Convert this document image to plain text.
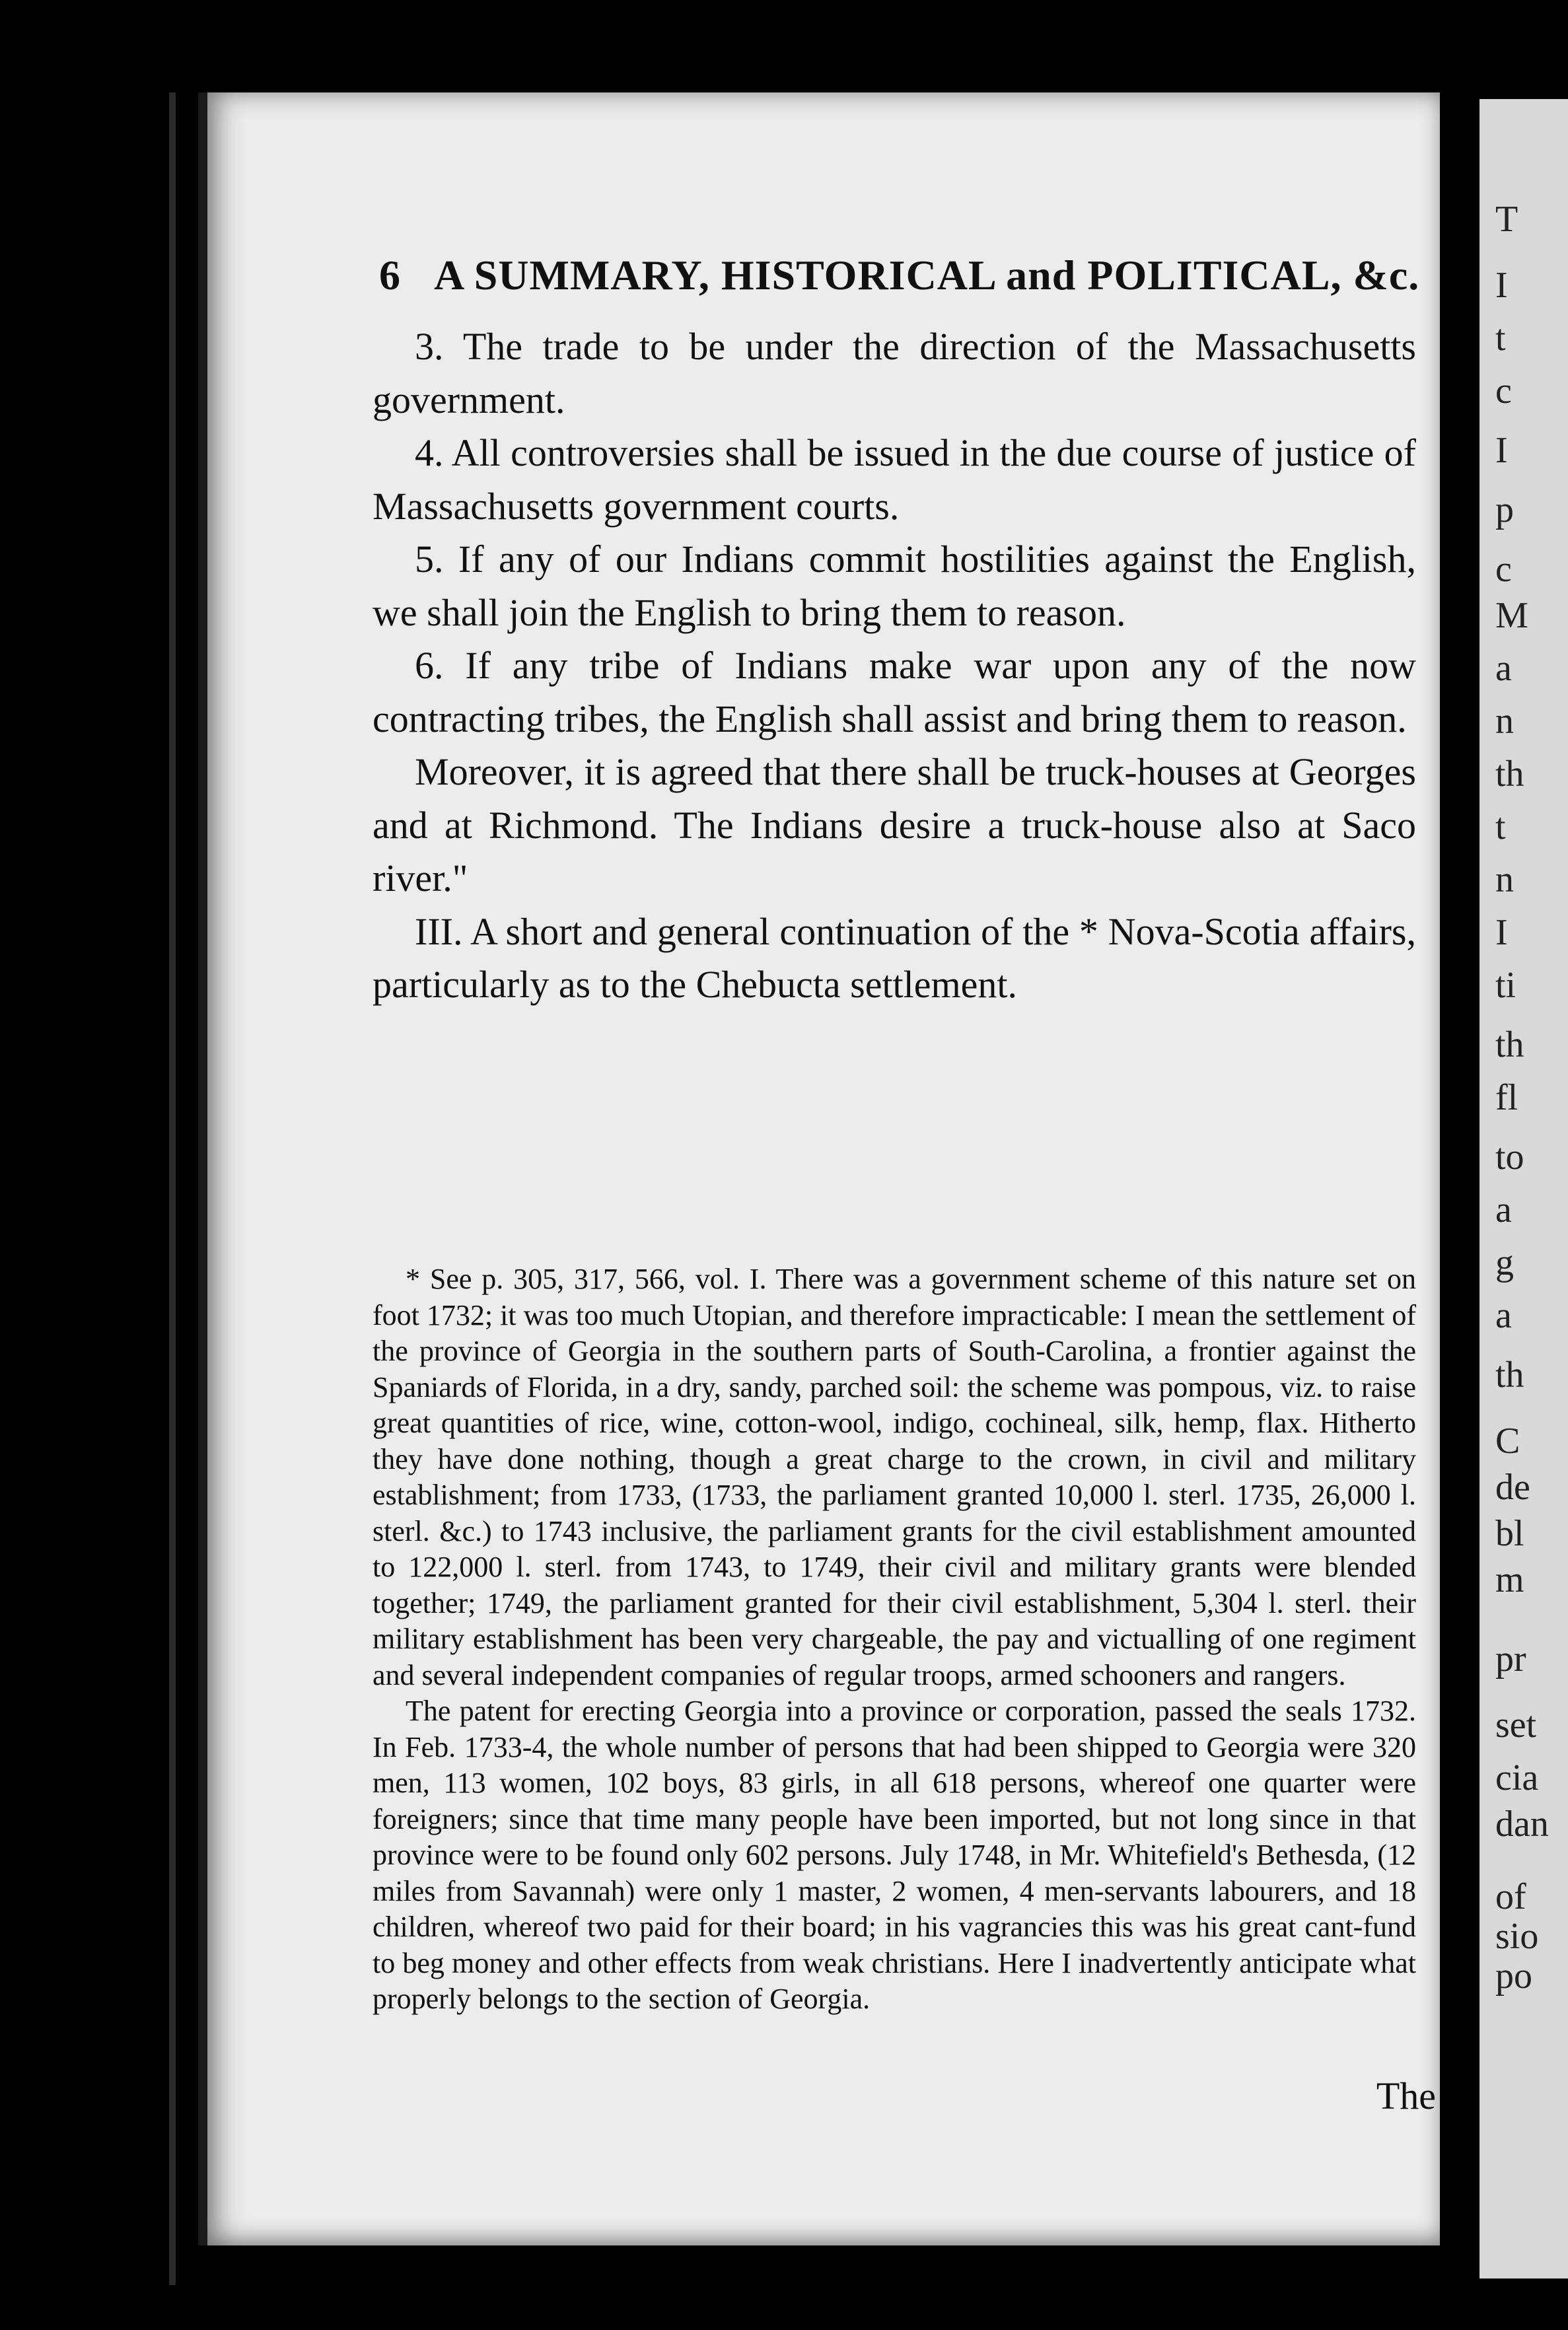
6 A SUMMARY, HISTORICAL and POLITICAL, &c.

3. The trade to be under the direction of the Massachusetts government.

4. All controversies shall be issued in the due course of justice of Massachusetts government courts.

5. If any of our Indians commit hostilities against the English, we shall join the English to bring them to reason.

6. If any tribe of Indians make war upon any of the now contracting tribes, the English shall assist and bring them to reason.

Moreover, it is agreed that there shall be truck-houses at Georges and at Richmond. The Indians desire a truck-house also at Saco river."

III. A short and general continuation of the * Nova-Scotia affairs, particularly as to the Chebucta settlement.

* See p. 305, 317, 566, vol. I. There was a government scheme of this nature set on foot 1732; it was too much Utopian, and therefore impracticable: I mean the settlement of the province of Georgia in the southern parts of South-Carolina, a frontier against the Spaniards of Florida, in a dry, sandy, parched soil: the scheme was pompous, viz. to raise great quantities of rice, wine, cotton-wool, indigo, cochineal, silk, hemp, flax. Hitherto they have done nothing, though a great charge to the crown, in civil and military establishment; from 1733, (1733, the parliament granted 10,000 l. sterl. 1735, 26,000 l. sterl. &c.) to 1743 inclusive, the parliament grants for the civil establishment amounted to 122,000 l. sterl. from 1743, to 1749, their civil and military grants were blended together; 1749, the parliament granted for their civil establishment, 5,304 l. sterl. their military establishment has been very chargeable, the pay and victualling of one regiment and several independent companies of regular troops, armed schooners and rangers.

The patent for erecting Georgia into a province or corporation, passed the seals 1732. In Feb. 1733-4, the whole number of persons that had been shipped to Georgia were 320 men, 113 women, 102 boys, 83 girls, in all 618 persons, whereof one quarter were foreigners; since that time many people have been imported, but not long since in that province were to be found only 602 persons. July 1748, in Mr. Whitefield's Bethesda, (12 miles from Savannah) were only 1 master, 2 women, 4 men-servants labourers, and 18 children, whereof two paid for their board; in his vagrancies this was his great cant-fund to beg money and other effects from weak christians. Here I inadvertently anticipate what properly belongs to the section of Georgia.

The
T
I
t
c
I
p
c
M
a
n
th
t
n
I
ti
th
fl
to
a
g
a
th
C
de
bl
m
pr
set
cia
dan
of
sio
po
